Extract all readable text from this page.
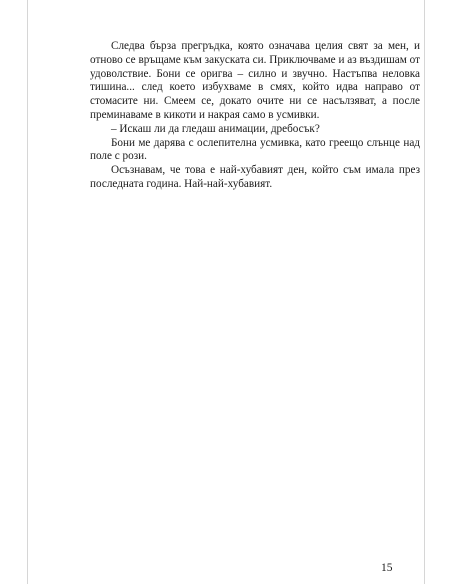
Следва бърза прегръдка, която означава целия свят за мен, и отново се връщаме към закуската си. Приключваме и аз въздишам от удоволствие. Бони се оригва – силно и звучно. Настъпва неловка тишина... след което избухваме в смях, който идва направо от стомасите ни. Смеем се, докато очите ни се насълзяват, а после преминаваме в кикоти и накрая само в усмивки.

– Искаш ли да гледаш анимации, дребосък?

Бони ме дарява с ослепителна усмивка, като греещо слънце над поле с рози.

Осъзнавам, че това е най-хубавият ден, който съм имала през последната година. Най-най-хубавият.

15
